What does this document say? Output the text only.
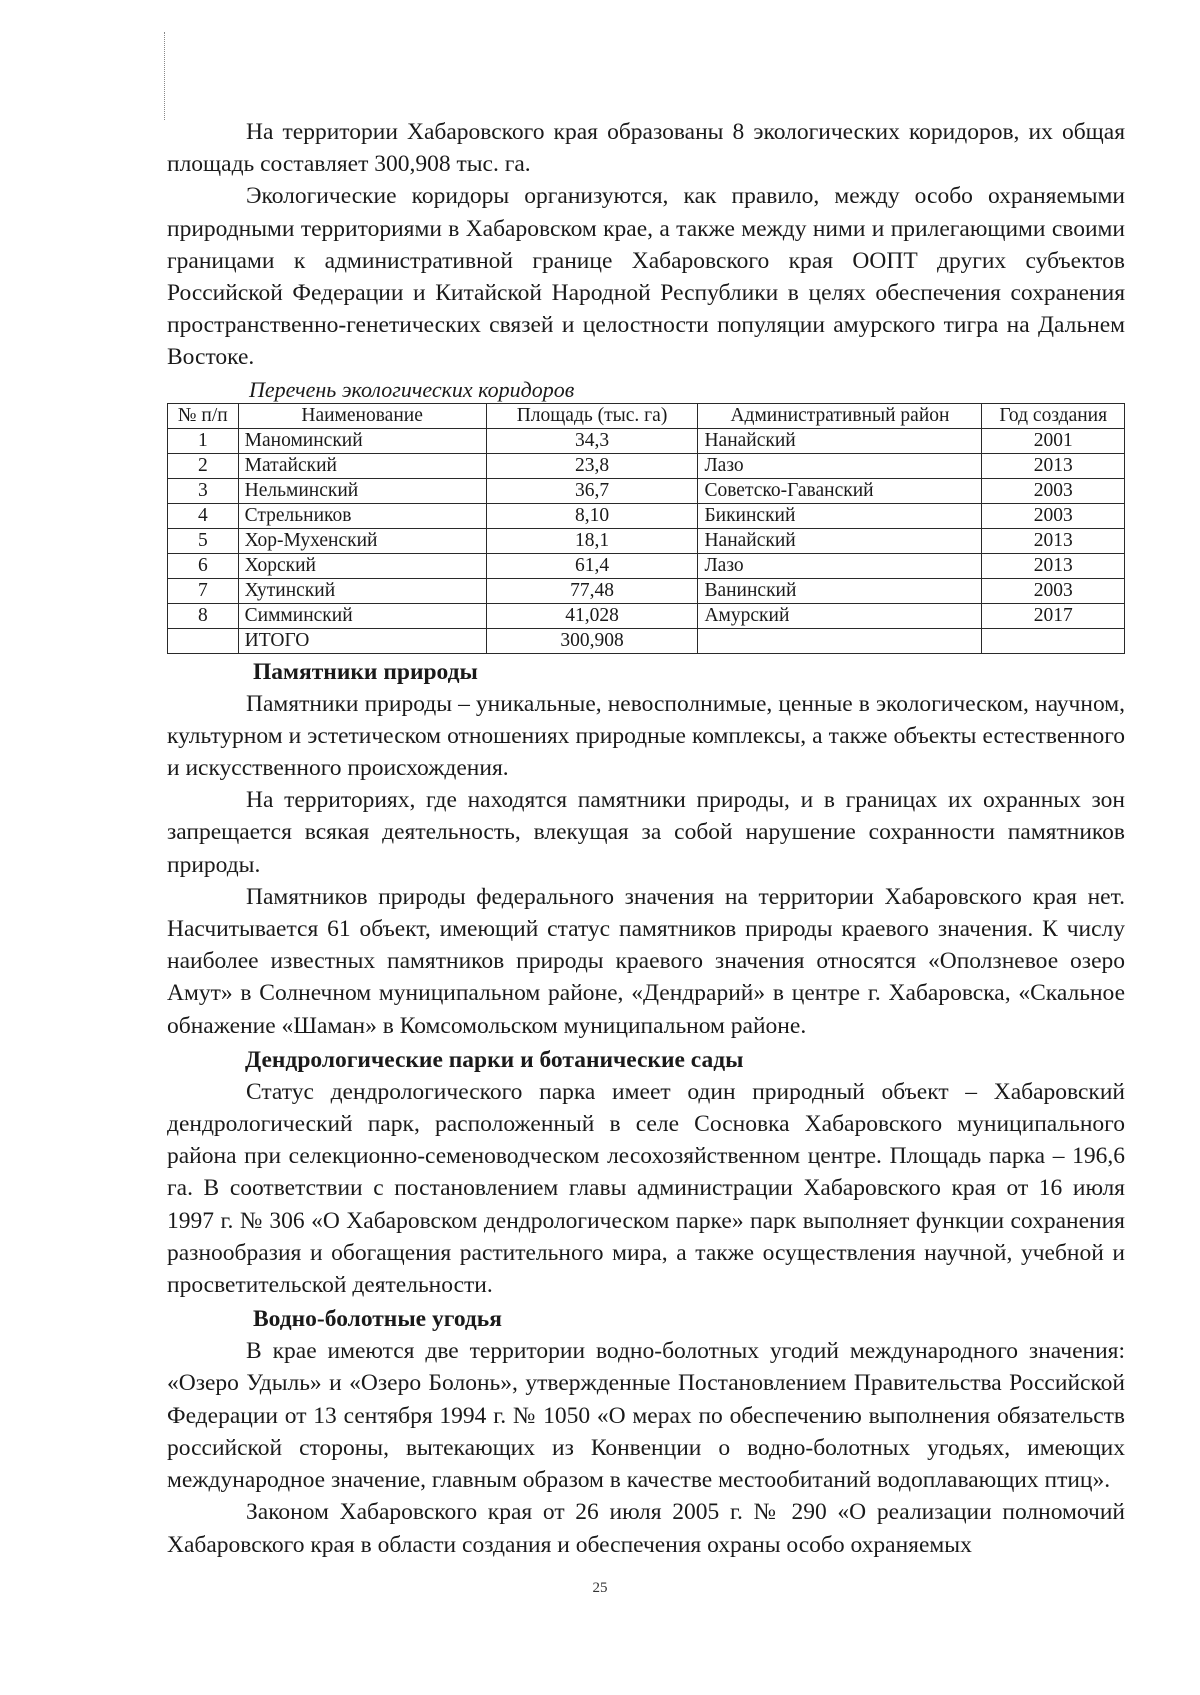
На территории Хабаровского края образованы 8 экологических коридоров, их общая площадь составляет 300,908 тыс. га.

Экологические коридоры организуются, как правило, между особо охраняемыми природными территориями в Хабаровском крае, а также между ними и прилегающими своими границами к административной границе Хабаровского края ООПТ других субъектов Российской Федерации и Китайской Народной Республики в целях обеспечения сохранения пространственно-генетических связей и целостности популяции амурского тигра на Дальнем Востоке.

Перечень экологических коридоров
№ п/п	Наименование	Площадь (тыс. га)	Административный район	Год создания
1	Маноминский	34,3	Нанайский	2001
2	Матайский	23,8	Лазо	2013
3	Нельминский	36,7	Советско-Гаванский	2003
4	Стрельников	8,10	Бикинский	2003
5	Хор-Мухенский	18,1	Нанайский	2013
6	Хорский	61,4	Лазо	2013
7	Хутинский	77,48	Ванинский	2003
8	Симминский	41,028	Амурский	2017
	ИТОГО	300,908		
Памятники природы

Памятники природы – уникальные, невосполнимые, ценные в экологическом, научном, культурном и эстетическом отношениях природные комплексы, а также объекты естественного и искусственного происхождения.

На территориях, где находятся памятники природы, и в границах их охранных зон запрещается всякая деятельность, влекущая за собой нарушение сохранности памятников природы.

Памятников природы федерального значения на территории Хабаровского края нет. Насчитывается 61 объект, имеющий статус памятников природы краевого значения. К числу наиболее известных памятников природы краевого значения относятся «Оползневое озеро Амут» в Солнечном муниципальном районе, «Дендрарий» в центре г. Хабаровска, «Скальное обнажение «Шаман» в Комсомольском муниципальном районе.

Дендрологические парки и ботанические сады

Статус дендрологического парка имеет один природный объект – Хабаровский дендрологический парк, расположенный в селе Сосновка Хабаровского муниципального района при селекционно-семеноводческом лесохозяйственном центре. Площадь парка – 196,6 га. В соответствии с постановлением главы администрации Хабаровского края от 16 июля 1997 г. № 306 «О Хабаровском дендрологическом парке» парк выполняет функции сохранения разнообразия и обогащения растительного мира, а также осуществления научной, учебной и просветительской деятельности.

Водно-болотные угодья

В крае имеются две территории водно-болотных угодий международного значения: «Озеро Удыль» и «Озеро Болонь», утвержденные Постановлением Правительства Российской Федерации от 13 сентября 1994 г. № 1050 «О мерах по обеспечению выполнения обязательств российской стороны, вытекающих из Конвенции о водно-болотных угодьях, имеющих международное значение, главным образом в качестве местообитаний водоплавающих птиц».

Законом Хабаровского края от 26 июля 2005 г. № 290 «О реализации полномочий Хабаровского края в области создания и обеспечения охраны особо охраняемых

25
